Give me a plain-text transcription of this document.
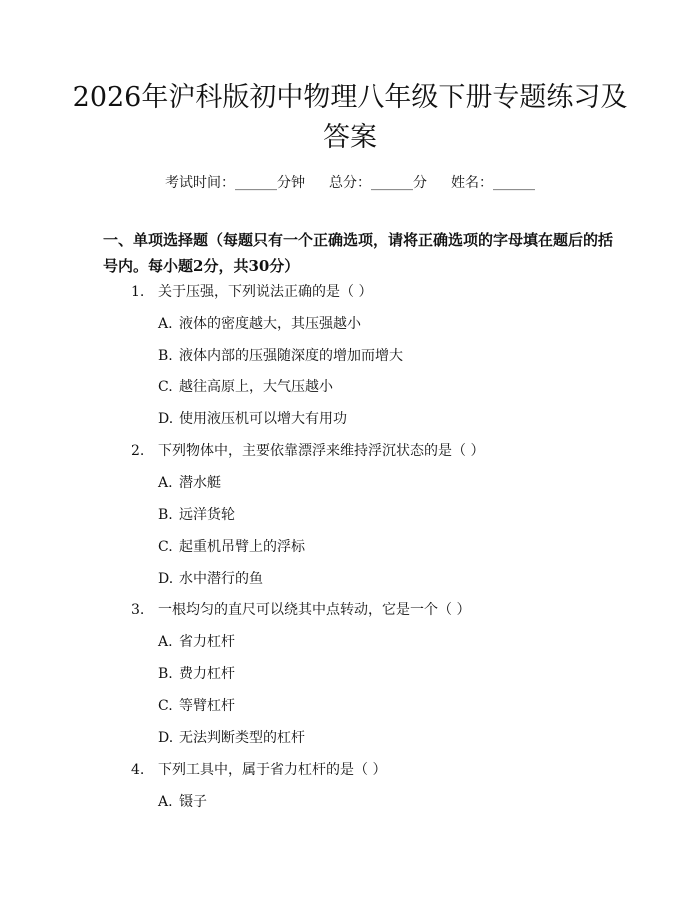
2026年沪科版初中物理八年级下册专题练习及答案
考试时间：______分钟 总分：______分 姓名：______

一、单项选择题（每题只有一个正确选项，请将正确选项的字母填在题后的括号内。每小题2分，共30分）

1. 关于压强，下列说法正确的是（ ）
A. 液体的密度越大，其压强越小
B. 液体内部的压强随深度的增加而增大
C. 越往高原上，大气压越小
D. 使用液压机可以增大有用功
2. 下列物体中，主要依靠漂浮来维持浮沉状态的是（ ）
A. 潜水艇
B. 远洋货轮
C. 起重机吊臂上的浮标
D. 水中潜行的鱼
3. 一根均匀的直尺可以绕其中点转动，它是一个（ ）
A. 省力杠杆
B. 费力杠杆
C. 等臂杠杆
D. 无法判断类型的杠杆
4. 下列工具中，属于省力杠杆的是（ ）
A. 镊子
